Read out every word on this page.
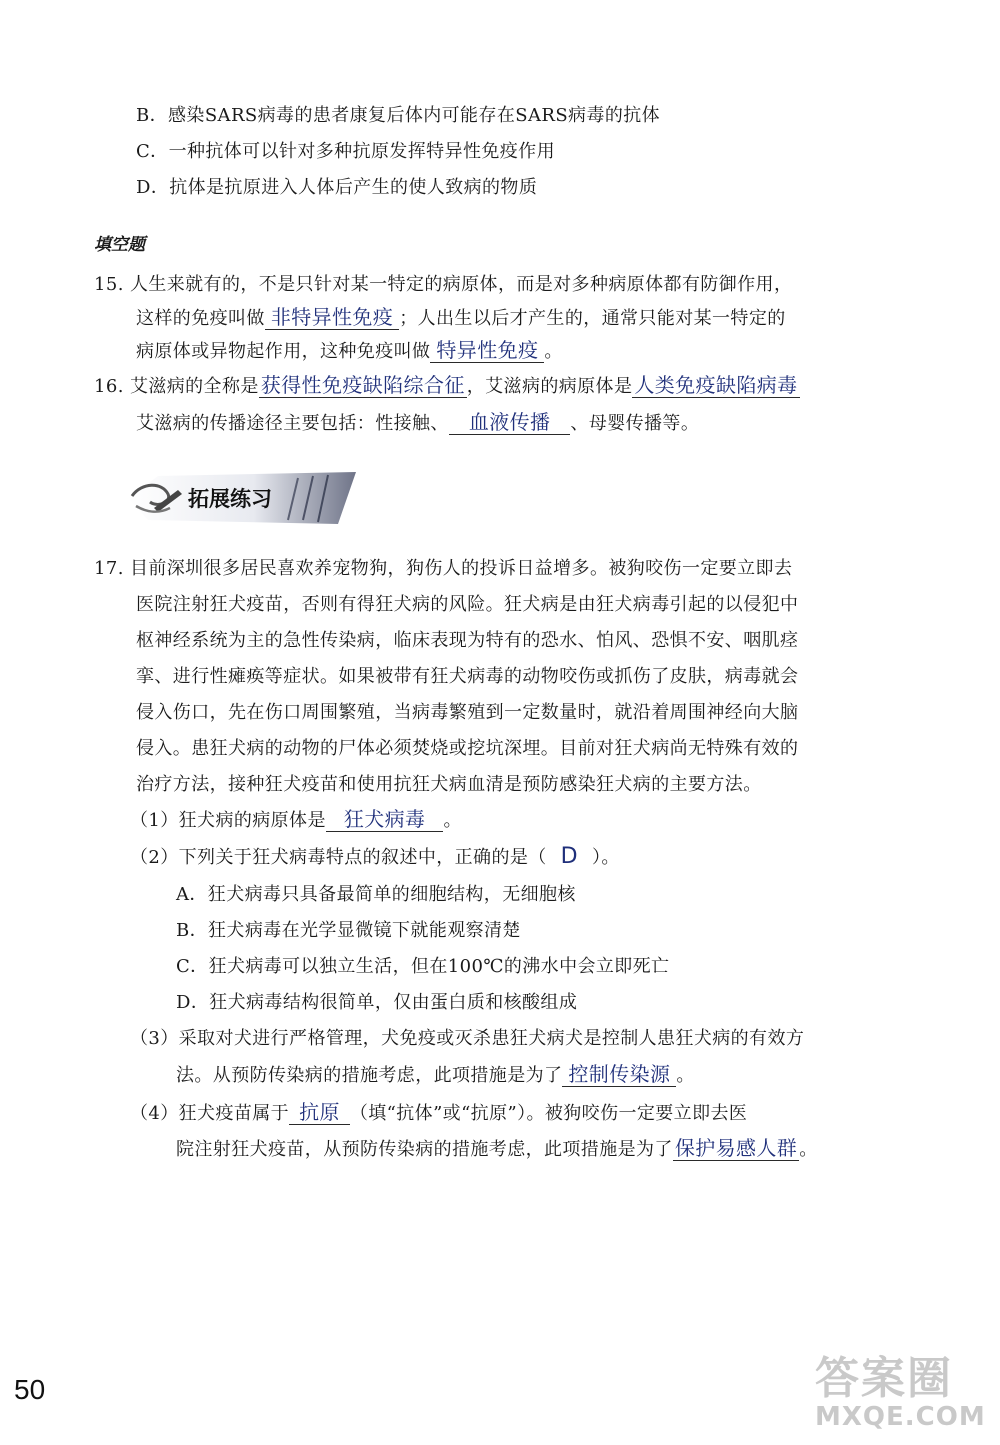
B．感染SARS病毒的患者康复后体内可能存在SARS病毒的抗体
C．一种抗体可以针对多种抗原发挥特异性免疫作用
D．抗体是抗原进入人体后产生的使人致病的物质
填空题
15. 人生来就有的，不是只针对某一特定的病原体，而是对多种病原体都有防御作用，
这样的免疫叫做 非特异性免疫 ；人出生以后才产生的，通常只能对某一特定的
病原体或异物起作用，这种免疫叫做 特异性免疫 。
16. 艾滋病的全称是 获得性免疫缺陷综合征 ，艾滋病的病原体是 人类免疫缺陷病毒
艾滋病的传播途径主要包括：性接触、 血液传播 、母婴传播等。
拓展练习
17. 目前深圳很多居民喜欢养宠物狗，狗伤人的投诉日益增多。被狗咬伤一定要立即去
医院注射狂犬疫苗，否则有得狂犬病的风险。狂犬病是由狂犬病毒引起的以侵犯中
枢神经系统为主的急性传染病，临床表现为特有的恐水、怕风、恐惧不安、咽肌痉
挛、进行性瘫痪等症状。如果被带有狂犬病毒的动物咬伤或抓伤了皮肤，病毒就会
侵入伤口，先在伤口周围繁殖，当病毒繁殖到一定数量时，就沿着周围神经向大脑
侵入。患狂犬病的动物的尸体必须焚烧或挖坑深埋。目前对狂犬病尚无特殊有效的
治疗方法，接种狂犬疫苗和使用抗狂犬病血清是预防感染狂犬病的主要方法。
（1）狂犬病的病原体是 狂犬病毒 。
（2）下列关于狂犬病毒特点的叙述中，正确的是（ D ）。
A．狂犬病毒只具备最简单的细胞结构，无细胞核
B．狂犬病毒在光学显微镜下就能观察清楚
C．狂犬病毒可以独立生活，但在100℃的沸水中会立即死亡
D．狂犬病毒结构很简单，仅由蛋白质和核酸组成
（3）采取对犬进行严格管理，犬免疫或灭杀患狂犬病犬是控制人患狂犬病的有效方
法。从预防传染病的措施考虑，此项措施是为了 控制传染源 。
（4）狂犬疫苗属于 抗原 （填“抗体”或“抗原”）。被狗咬伤一定要立即去医
院注射狂犬疫苗，从预防传染病的措施考虑，此项措施是为了 保护易感人群 。
50	答案圈
MXQE.COM
